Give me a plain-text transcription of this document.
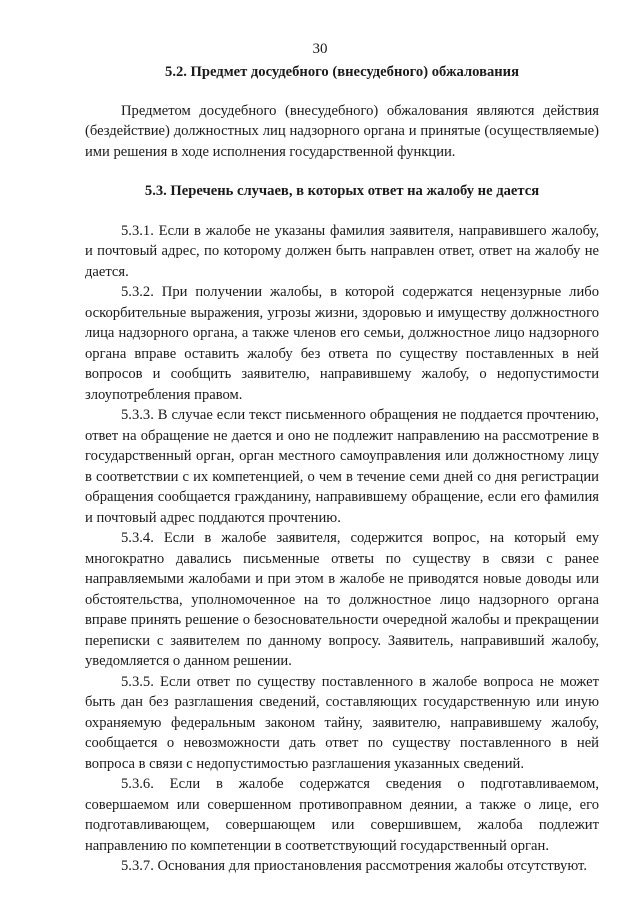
30

5.2. Предмет досудебного (внесудебного) обжалования

Предметом досудебного (внесудебного) обжалования являются действия (бездействие) должностных лиц надзорного органа и принятые (осуществляемые) ими решения в ходе исполнения государственной функции.

5.3. Перечень случаев, в которых ответ на жалобу не дается

5.3.1. Если в жалобе не указаны фамилия заявителя, направившего жалобу, и почтовый адрес, по которому должен быть направлен ответ, ответ на жалобу не дается.

5.3.2. При получении жалобы, в которой содержатся нецензурные либо оскорбительные выражения, угрозы жизни, здоровью и имуществу должностного лица надзорного органа, а также членов его семьи, должностное лицо надзорного органа вправе оставить жалобу без ответа по существу поставленных в ней вопросов и сообщить заявителю, направившему жалобу, о недопустимости злоупотребления правом.

5.3.3. В случае если текст письменного обращения не поддается прочтению, ответ на обращение не дается и оно не подлежит направлению на рассмотрение в государственный орган, орган местного самоуправления или должностному лицу в соответствии с их компетенцией, о чем в течение семи дней со дня регистрации обращения сообщается гражданину, направившему обращение, если его фамилия и почтовый адрес поддаются прочтению.

5.3.4. Если в жалобе заявителя, содержится вопрос, на который ему многократно давались письменные ответы по существу в связи с ранее направляемыми жалобами и при этом в жалобе не приводятся новые доводы или обстоятельства, уполномоченное на то должностное лицо надзорного органа вправе принять решение о безосновательности очередной жалобы и прекращении переписки с заявителем по данному вопросу. Заявитель, направивший жалобу, уведомляется о данном решении.

5.3.5. Если ответ по существу поставленного в жалобе вопроса не может быть дан без разглашения сведений, составляющих государственную или иную охраняемую федеральным законом тайну, заявителю, направившему жалобу, сообщается о невозможности дать ответ по существу поставленного в ней вопроса в связи с недопустимостью разглашения указанных сведений.

5.3.6. Если в жалобе содержатся сведения о подготавливаемом, совершаемом или совершенном противоправном деянии, а также о лице, его подготавливающем, совершающем или совершившем, жалоба подлежит направлению по компетенции в соответствующий государственный орган.

5.3.7. Основания для приостановления рассмотрения жалобы отсутствуют.
